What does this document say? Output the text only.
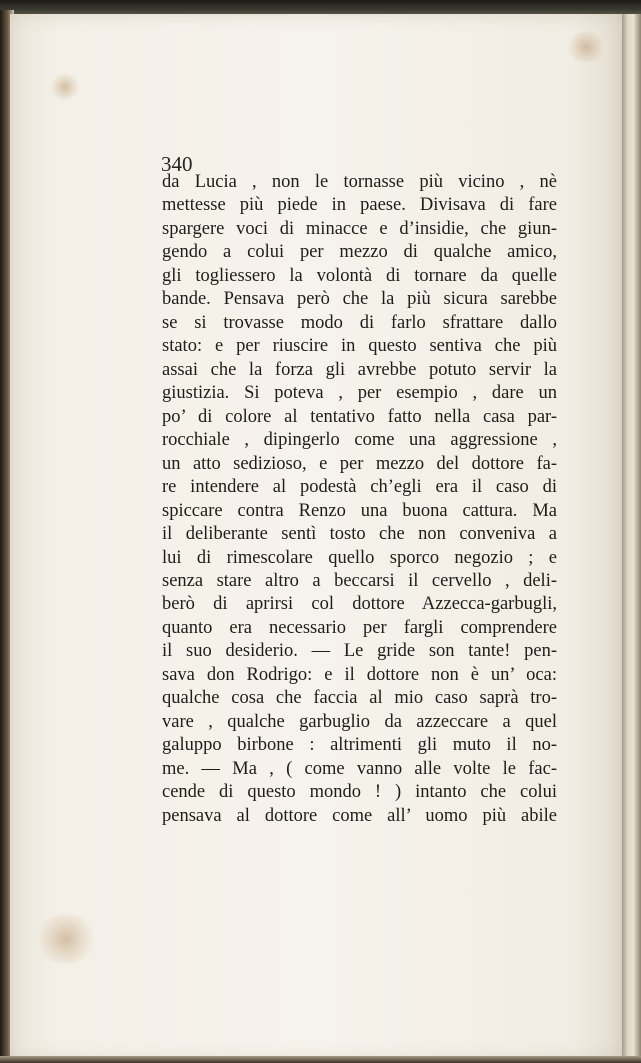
340

da Lucia , non le tornasse più vicino , nè
mettesse più piede in paese. Divisava di fare
spargere voci di minacce e d’insidie, che giun-
gendo a colui per mezzo di qualche amico,
gli togliessero la volontà di tornare da quelle
bande. Pensava però che la più sicura sarebbe
se si trovasse modo di farlo sfrattare dallo
stato: e per riuscire in questo sentiva che più
assai che la forza gli avrebbe potuto servir la
giustizia. Si poteva , per esempio , dare un
po’ di colore al tentativo fatto nella casa par-
rocchiale , dipingerlo come una aggressione ,
un atto sedizioso, e per mezzo del dottore fa-
re intendere al podestà ch’egli era il caso di
spiccare contra Renzo una buona cattura. Ma
il deliberante sentì tosto che non conveniva a
lui di rimescolare quello sporco negozio ; e
senza stare altro a beccarsi il cervello , deli-
berò di aprirsi col dottore Azzecca-garbugli,
quanto era necessario per fargli comprendere
il suo desiderio. — Le gride son tante! pen-
sava don Rodrigo: e il dottore non è un’ oca:
qualche cosa che faccia al mio caso saprà tro-
vare , qualche garbuglio da azzeccare a quel
galuppo birbone : altrimenti gli muto il no-
me. — Ma , ( come vanno alle volte le fac-
cende di questo mondo ! ) intanto che colui
pensava al dottore come all’ uomo più abile
